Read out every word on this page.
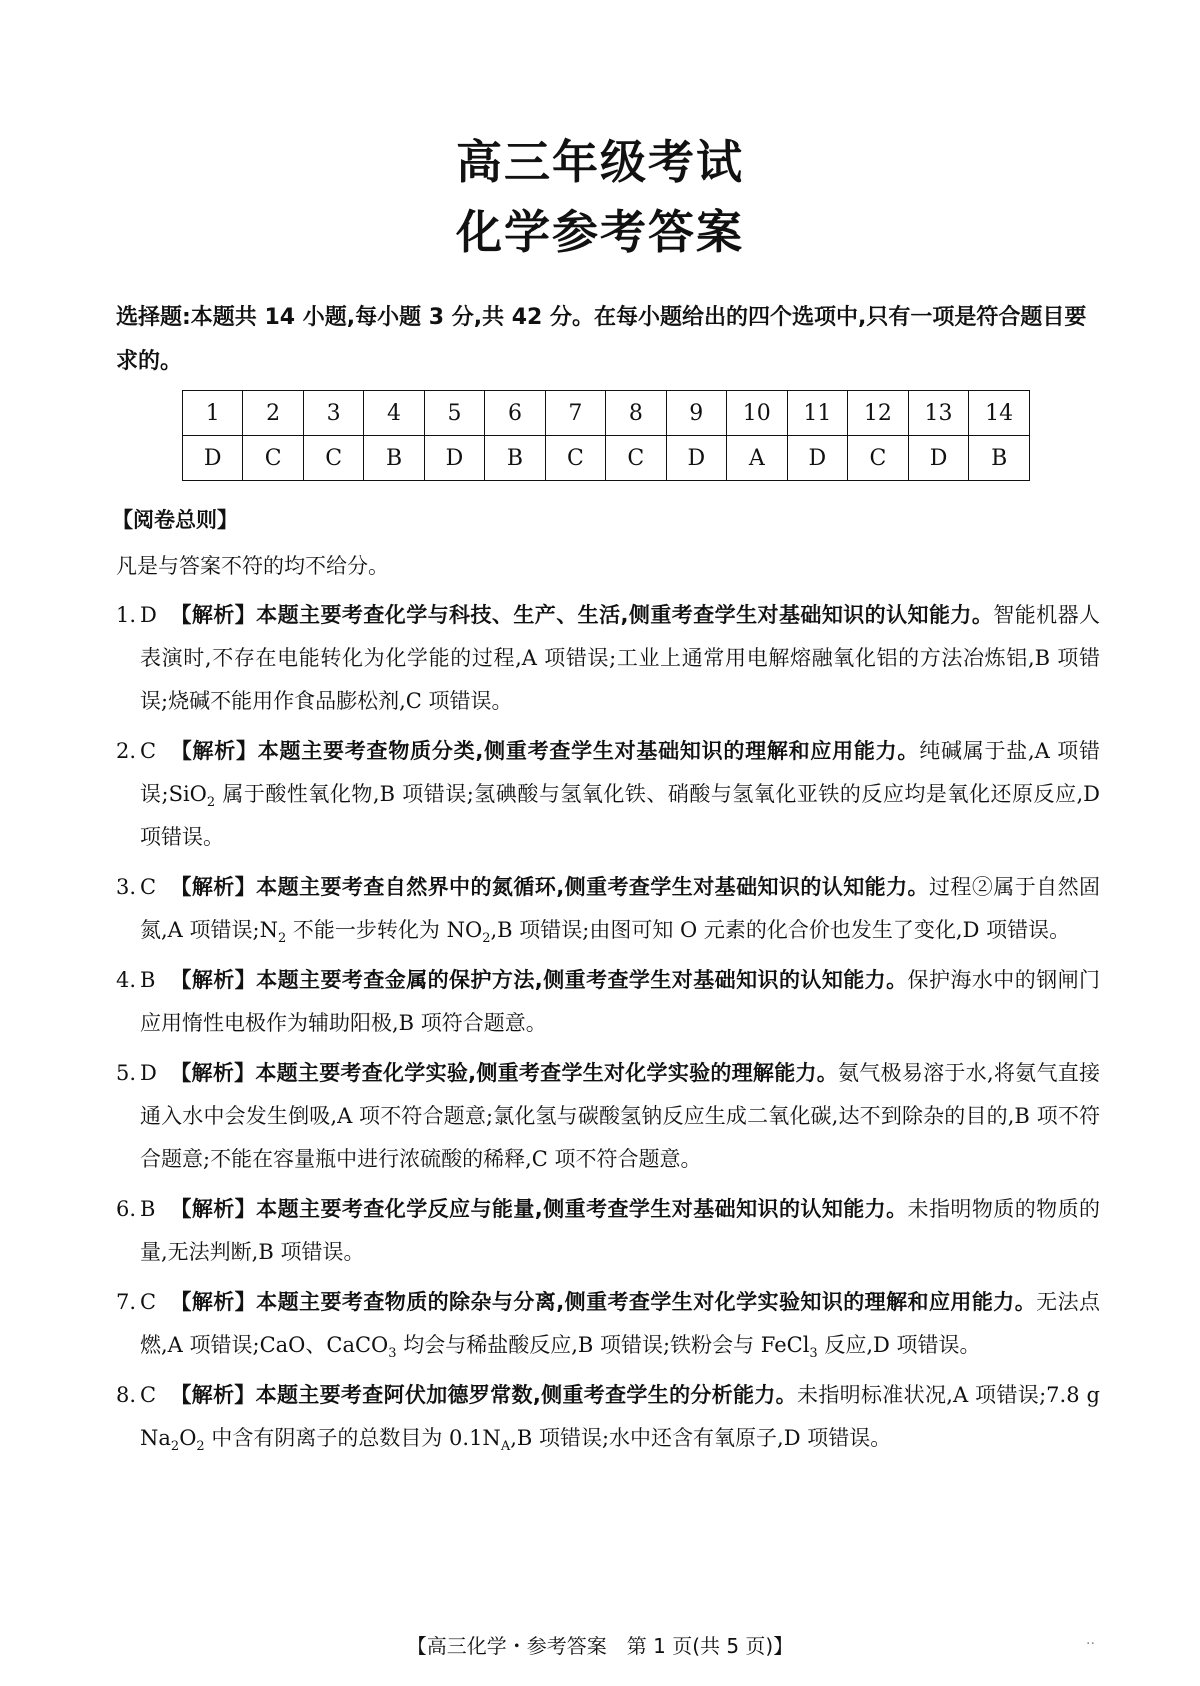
高三年级考试
化学参考答案
选择题:本题共 14 小题,每小题 3 分,共 42 分。在每小题给出的四个选项中,只有一项是符合题目要求的。
1	2	3	4	5	6	7	8	9	10	11	12	13	14
D	C	C	B	D	B	C	C	D	A	D	C	D	B
【阅卷总则】
凡是与答案不符的均不给分。
1. D 【解析】本题主要考查化学与科技、生产、生活,侧重考查学生对基础知识的认知能力。智能机器人表演时,不存在电能转化为化学能的过程,A 项错误;工业上通常用电解熔融氧化铝的方法冶炼铝,B 项错误;烧碱不能用作食品膨松剂,C 项错误。
2. C 【解析】本题主要考查物质分类,侧重考查学生对基础知识的理解和应用能力。纯碱属于盐,A 项错误;SiO$_2$ 属于酸性氧化物,B 项错误;氢碘酸与氢氧化铁、硝酸与氢氧化亚铁的反应均是氧化还原反应,D 项错误。
3. C 【解析】本题主要考查自然界中的氮循环,侧重考查学生对基础知识的认知能力。过程②属于自然固氮,A 项错误$;N_2$ 不能一步转化为 $NO_2,B$ 项错误;由图可知 O 元素的化合价也发生了变化,D 项错误。
4. B 【解析】本题主要考查金属的保护方法,侧重考查学生对基础知识的认知能力。保护海水中的钢闸门应用惰性电极作为辅助阳极,B 项符合题意。
5. D 【解析】本题主要考查化学实验,侧重考查学生对化学实验的理解能力。氨气极易溶于水,将氨气直接通入水中会发生倒吸,A 项不符合题意;氯化氢与碳酸氢钠反应生成二氧化碳,达不到除杂的目的,B 项不符合题意;不能在容量瓶中进行浓硫酸的稀释,C 项不符合题意。
6. B 【解析】本题主要考查化学反应与能量,侧重考查学生对基础知识的认知能力。未指明物质的物质的量,无法判断,B 项错误。
7. C 【解析】本题主要考查物质的除杂与分离,侧重考查学生对化学实验知识的理解和应用能力。无法点燃,A 项错误;CaO、CaCO$_3$ 均会与稀盐酸反应,B 项错误;铁粉会与 FeCl$_3$ 反应,D 项错误。
8. C 【解析】本题主要考查阿伏加德罗常数,侧重考查学生的分析能力。未指明标准状况,A 项错误;7.8 g $Na_2O_2$ 中含有阴离子的总数目为 $0.1N_A,B$ 项错误;水中还含有氧原子,D 项错误。
【高三化学・参考答案　第 1 页(共 5 页)】	..
